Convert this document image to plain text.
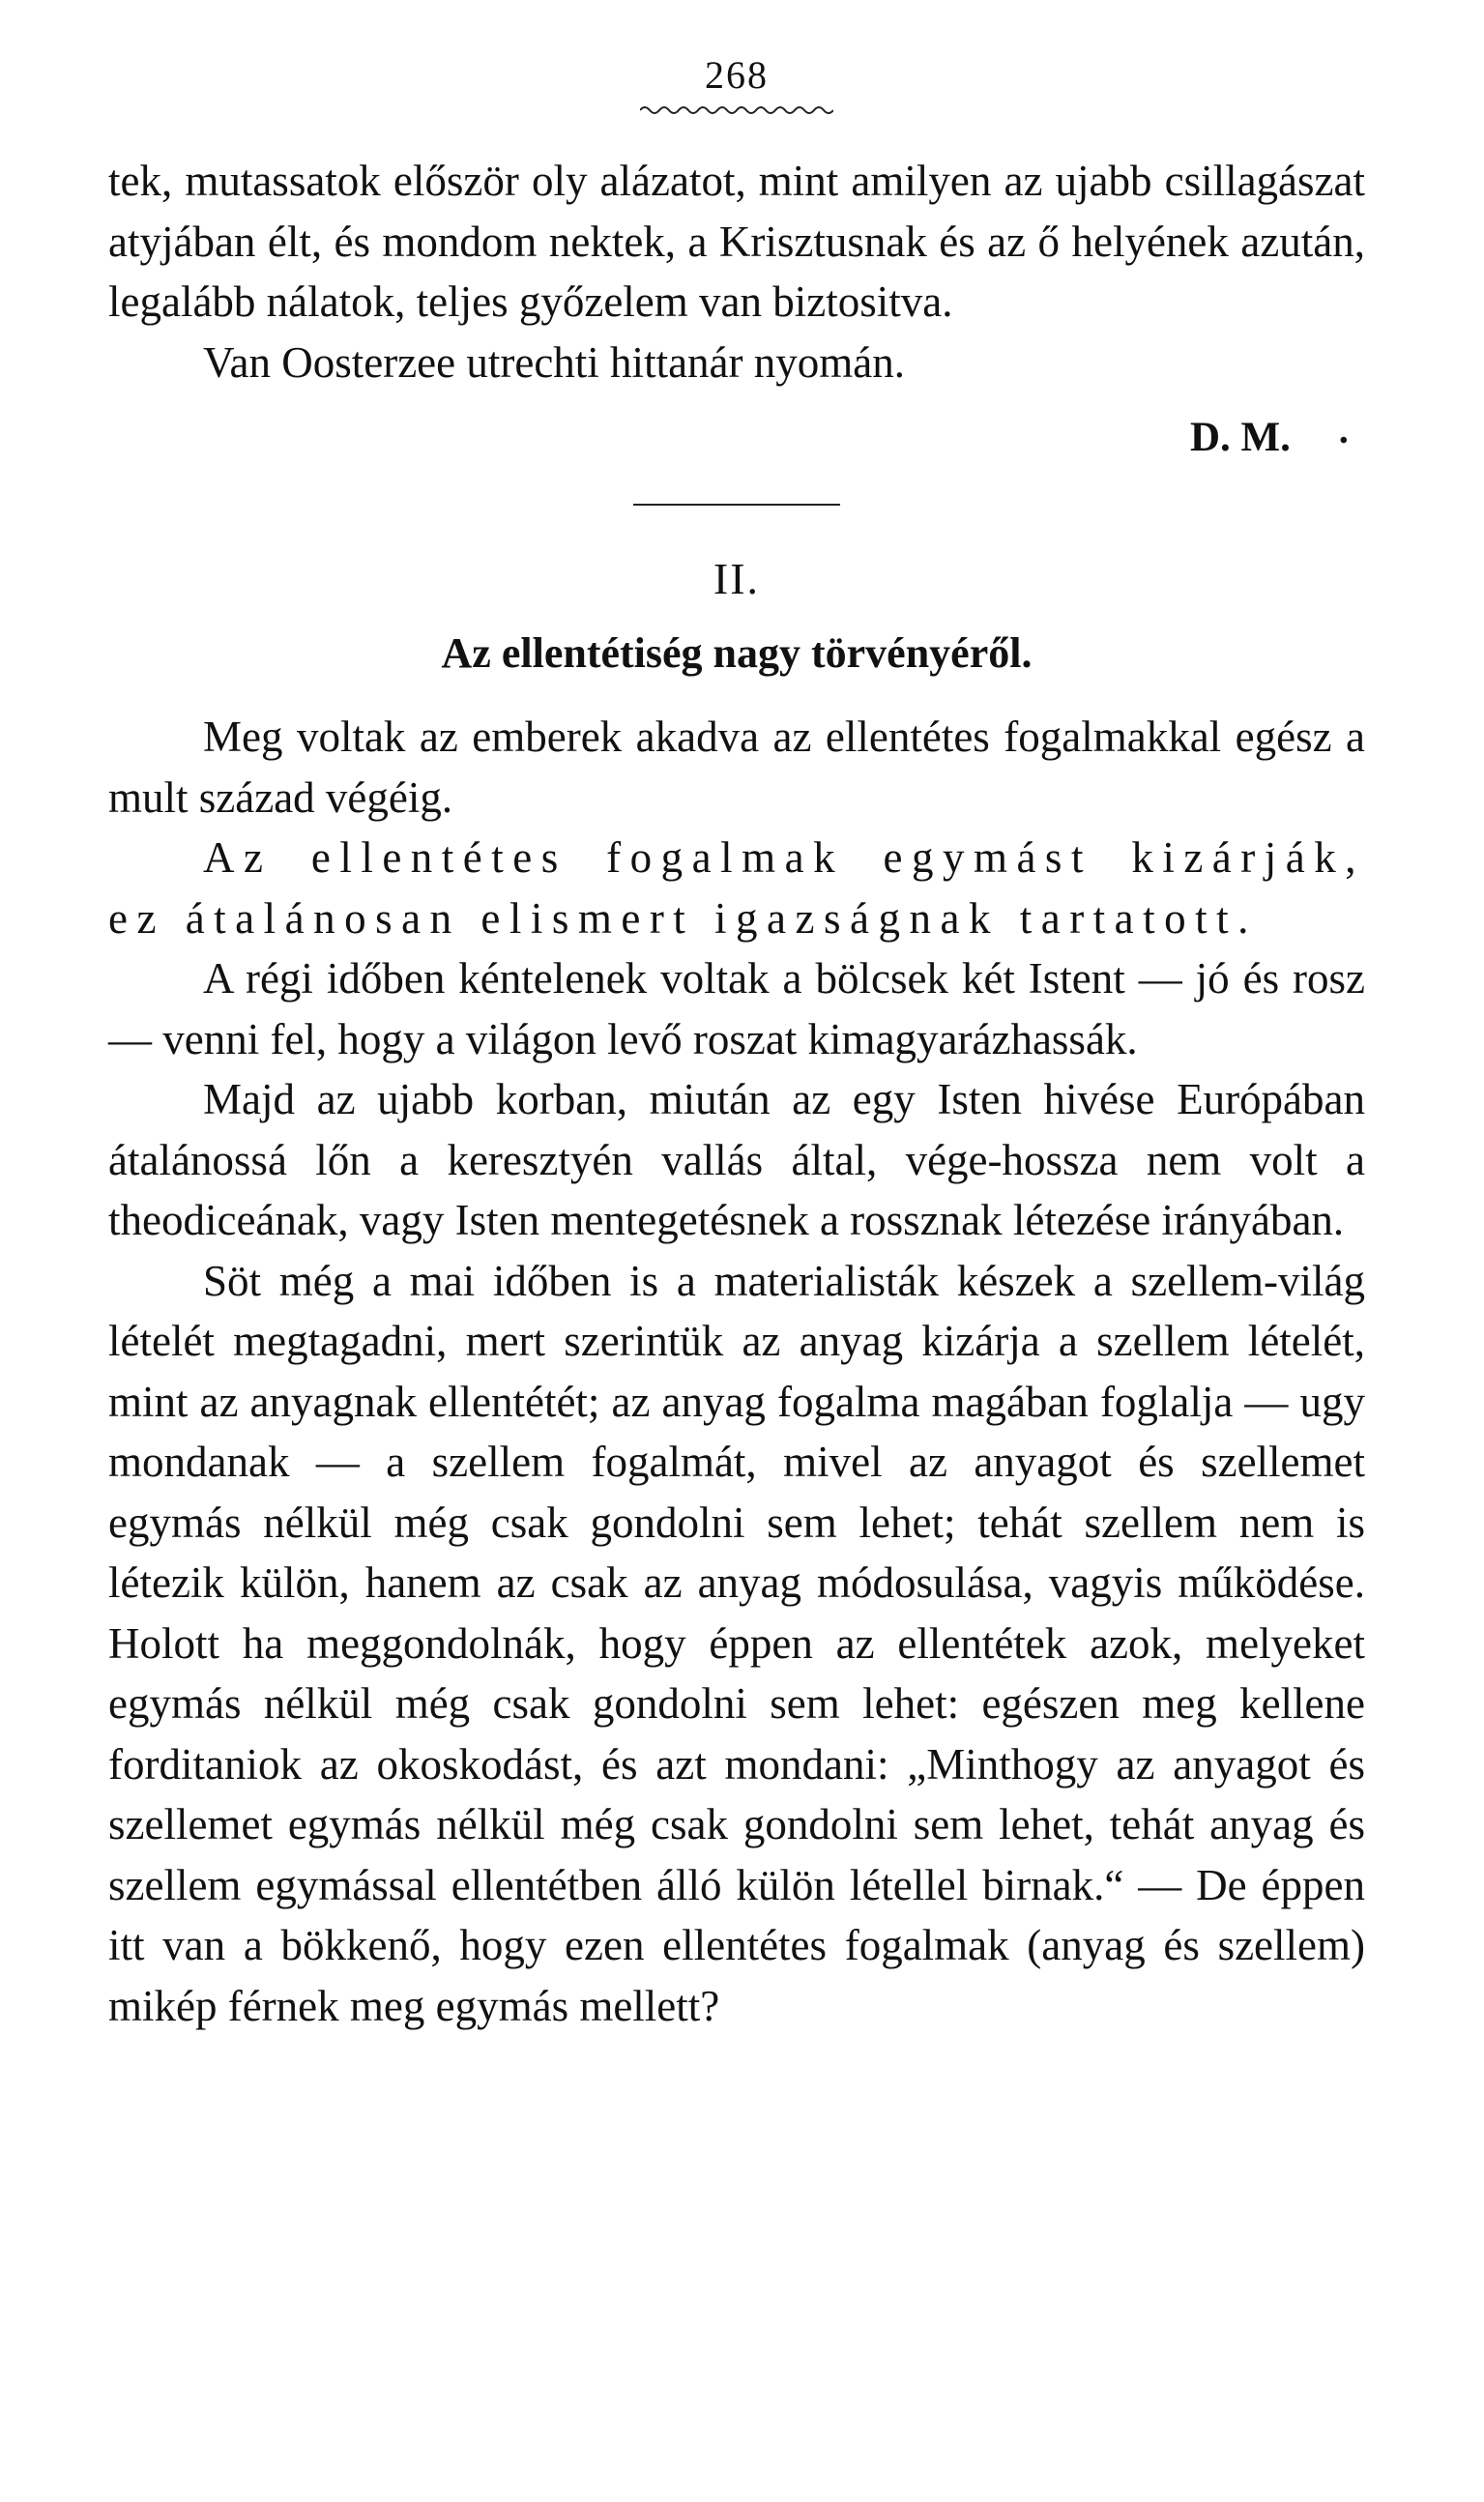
268

tek, mutassatok először oly alázatot, mint amilyen az ujabb csillagászat atyjában élt, és mondom nektek, a Krisztusnak és az ő helyének azután, legalább nálatok, teljes győzelem van biztositva.

Van Oosterzee utrechti hittanár nyomán.

D. M. •
II.
Az ellentétiség nagy törvényéről.

Meg voltak az emberek akadva az ellentétes fogalmakkal egész a mult század végéig.

Az ellentétes fogalmak egymást kizárják, ez átalánosan elismert igazságnak tartatott.

A régi időben kéntelenek voltak a bölcsek két Istent — jó és rosz — venni fel, hogy a világon levő roszat kimagyarázhassák.

Majd az ujabb korban, miután az egy Isten hivése Európában átalánossá lőn a keresztyén vallás által, vége-hossza nem volt a theodiceának, vagy Isten mentegetésnek a rossznak létezése irányában.

Söt még a mai időben is a materialisták készek a szellem-világ lételét megtagadni, mert szerintük az anyag kizárja a szellem lételét, mint az anyagnak ellentétét; az anyag fogalma magában foglalja — ugy mondanak — a szellem fogalmát, mivel az anyagot és szellemet egymás nélkül még csak gondolni sem lehet; tehát szellem nem is létezik külön, hanem az csak az anyag módosulása, vagyis működése. Holott ha meggondolnák, hogy éppen az ellentétek azok, melyeket egymás nélkül még csak gondolni sem lehet: egészen meg kellene forditaniok az okoskodást, és azt mondani: „Minthogy az anyagot és szellemet egymás nélkül még csak gondolni sem lehet, tehát anyag és szellem egymással ellentétben álló külön létellel birnak.“ — De éppen itt van a bökkenő, hogy ezen ellentétes fogalmak (anyag és szellem) mikép férnek meg egymás mellett?
